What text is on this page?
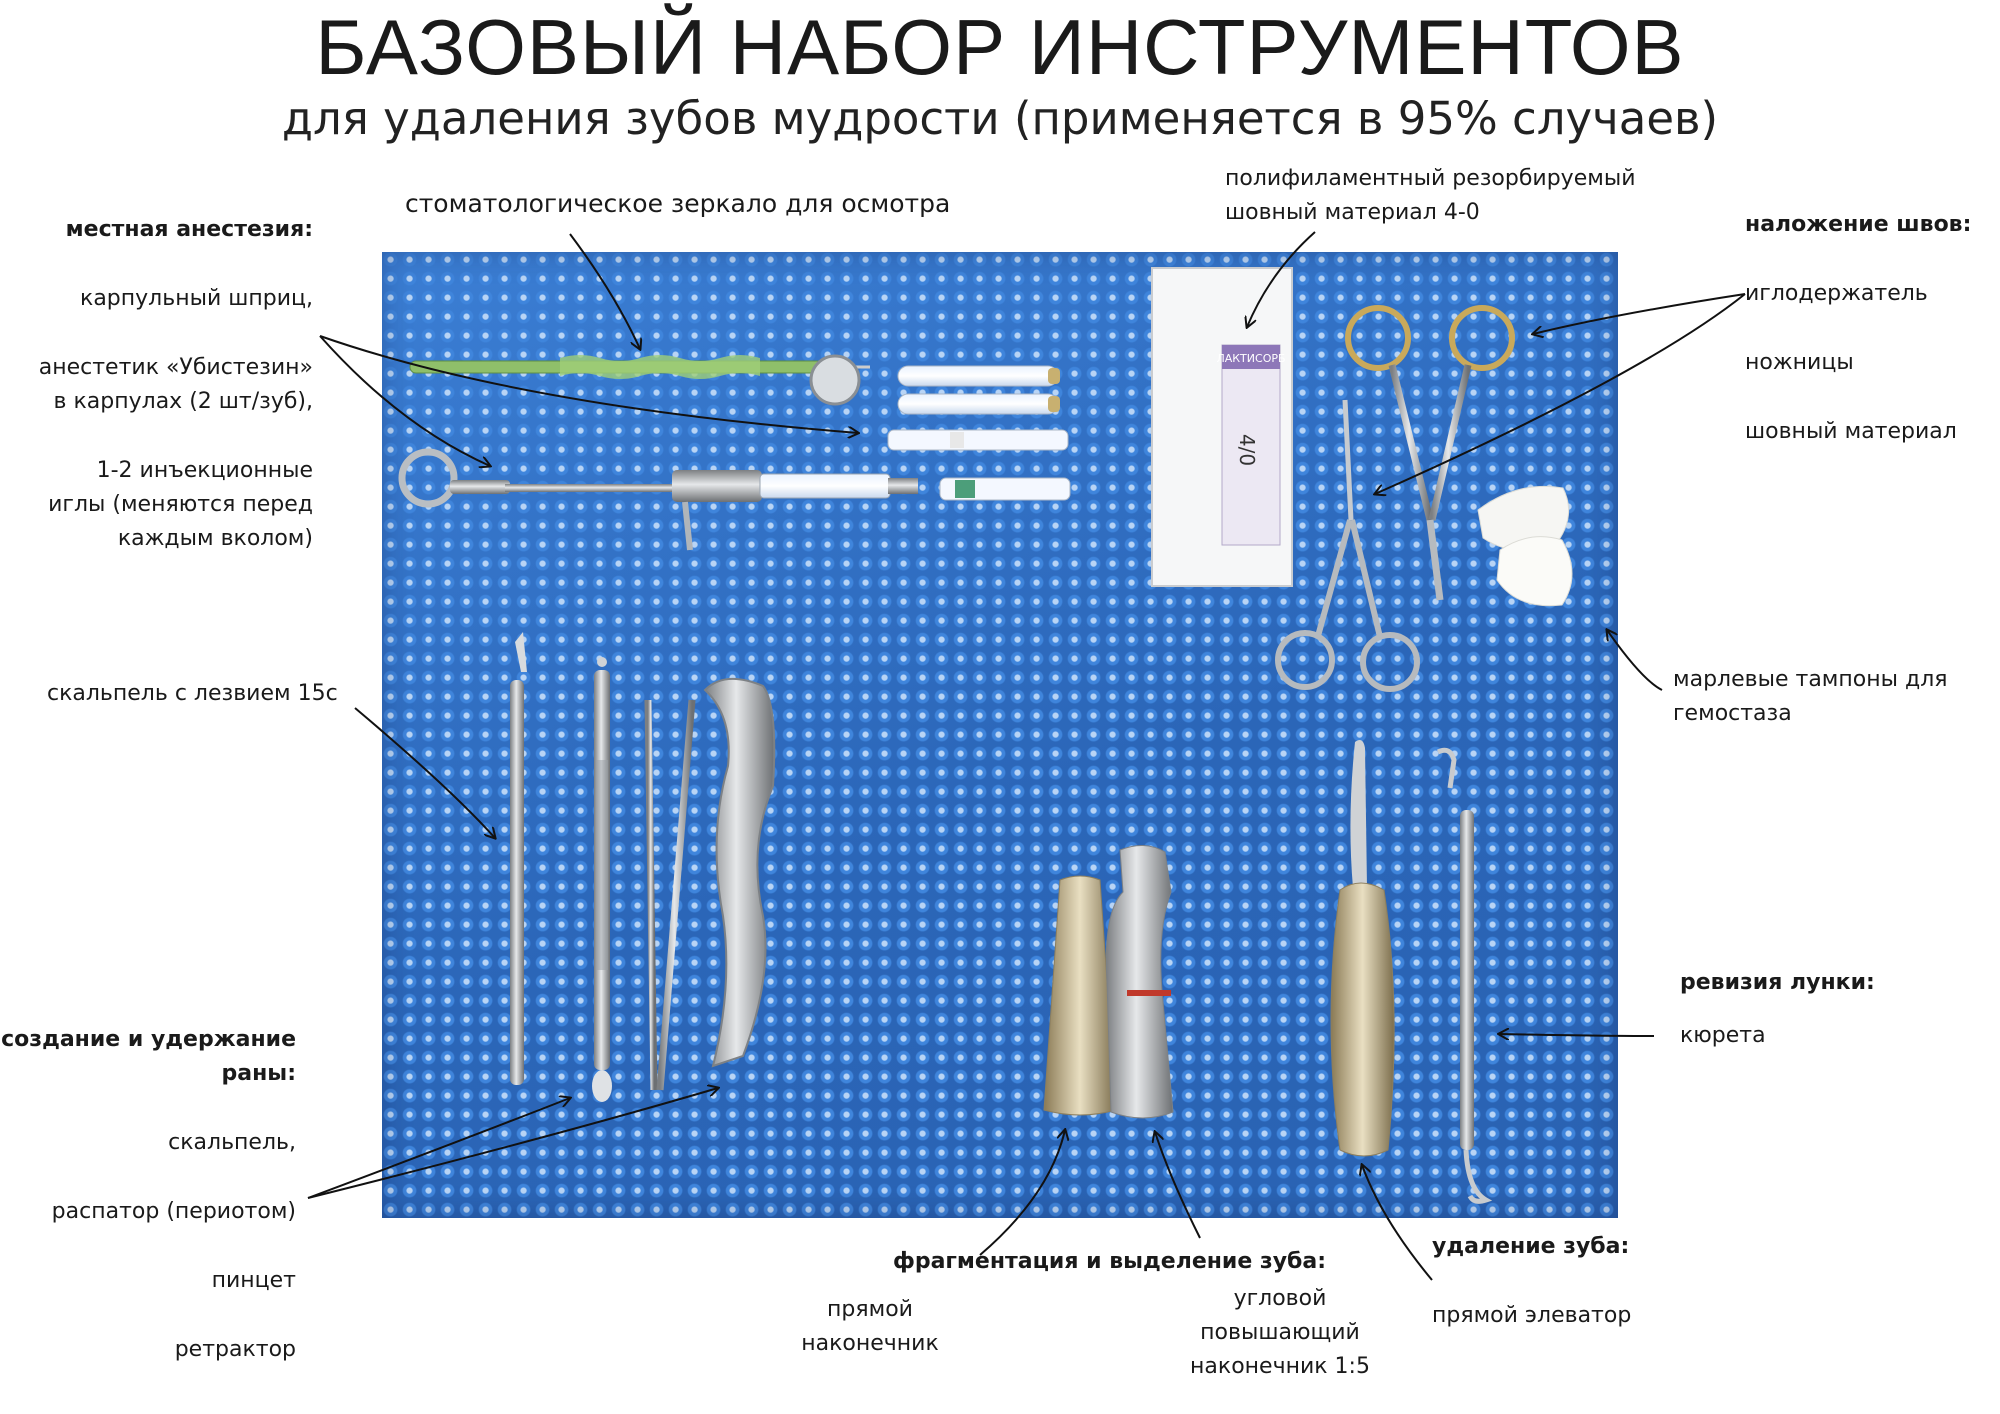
БАЗОВЫЙ НАБОР ИНСТРУМЕНТОВ
для удаления зубов мудрости (применяется в 95% случаев)
ЛАКТИСОРБ
4/0
стоматологическое зеркало для осмотра
полифиламентный резорбируемый
шовный материал 4-0
местная анестезия:
карпульный шприц,
анестетик «Убистезин»
в карпулах (2 шт/зуб),
1-2 инъекционные
иглы (меняются перед
каждым вколом)
скальпель с лезвием 15с
создание и удержание
раны:
скальпель,
распатор (периотом)
пинцет
ретрактор
наложение швов:
иглодержатель
ножницы
шовный материал
марлевые тампоны для
гемостаза
ревизия лунки:
кюрета
фрагментация и выделение зуба:
прямой
наконечник
угловой
повышающий
наконечник 1:5
удаление зуба:
прямой элеватор
